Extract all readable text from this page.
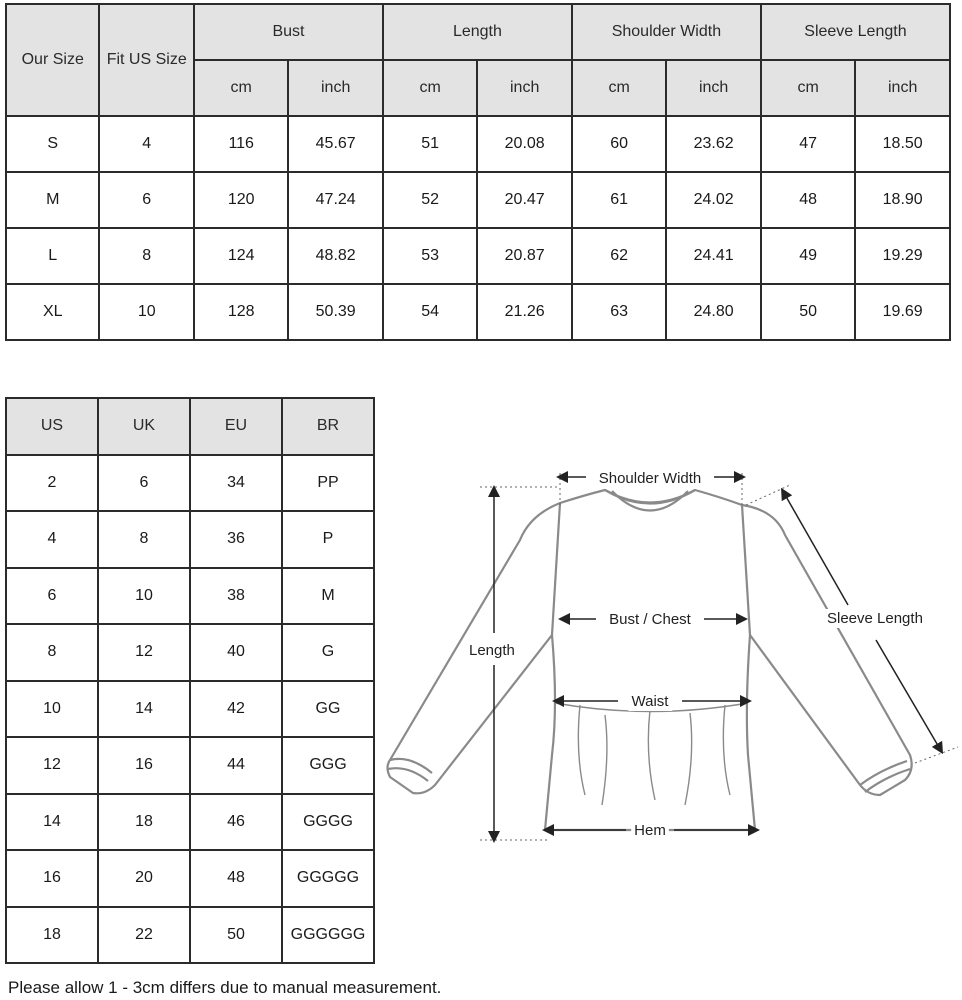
Our Size	Fit US Size	Bust		Length		Shoulder Width		Sleeve Length	
		cm	inch	cm	inch	cm	inch	cm	inch
S	4	116	45.67	51	20.08	60	23.62	47	18.50
M	6	120	47.24	52	20.47	61	24.02	48	18.90
L	8	124	48.82	53	20.87	62	24.41	49	19.29
XL	10	128	50.39	54	21.26	63	24.80	50	19.69
US	UK	EU	BR
2	6	34	PP
4	8	36	P
6	10	38	M
8	12	40	G
10	14	42	GG
12	16	44	GGG
14	18	46	GGGG
16	20	48	GGGGG
18	22	50	GGGGGG
Shoulder Width
Bust / Chest
Waist
Hem
Length
Sleeve Length
Please allow 1 - 3cm differs due to manual measurement.
